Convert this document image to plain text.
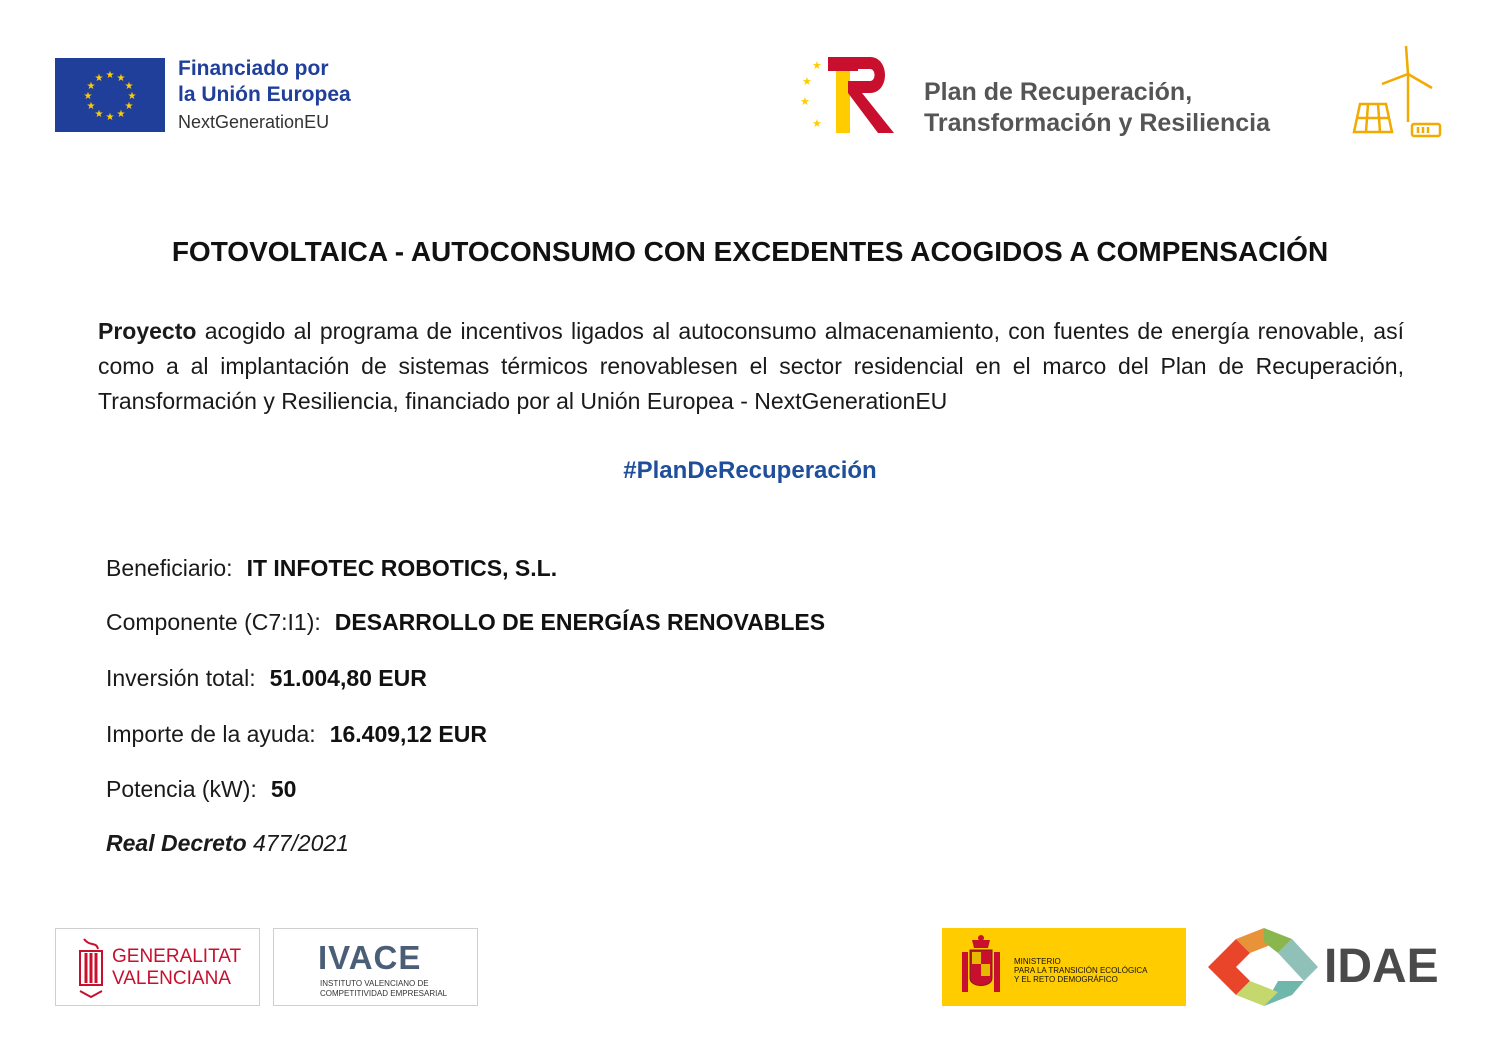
★ ★
★
★
★
★
★
★
★
★
★
★	Financiado por
la Unión Europea
NextGenerationEU
★
★
★
★
Plan de Recuperación,
Transformación y Resiliencia
FOTOVOLTAICA - AUTOCONSUMO CON EXCEDENTES ACOGIDOS A COMPENSACIÓN
Proyecto acogido al programa de incentivos ligados al autoconsumo almacenamiento, con fuentes de energía renovable, así como a al implantación de sistemas térmicos renovablesen el sector residencial en el marco del Plan de Recuperación, Transformación y Resiliencia, financiado por al Unión Europea - NextGenerationEU
#PlanDeRecuperación
Beneficiario: IT INFOTEC ROBOTICS, S.L.
Componente (C7:I1): DESARROLLO DE ENERGÍAS RENOVABLES
Inversión total: 51.004,80 EUR
Importe de la ayuda: 16.409,12 EUR
Potencia (kW): 50
Real Decreto 477/2021
GENERALITAT
VALENCIANA
IVACE
INSTITUTO VALENCIANO DE
COMPETITIVIDAD EMPRESARIAL
MINISTERIO
PARA LA TRANSICIÓN ECOLÓGICA
Y EL RETO DEMOGRÁFICO	IDAE
